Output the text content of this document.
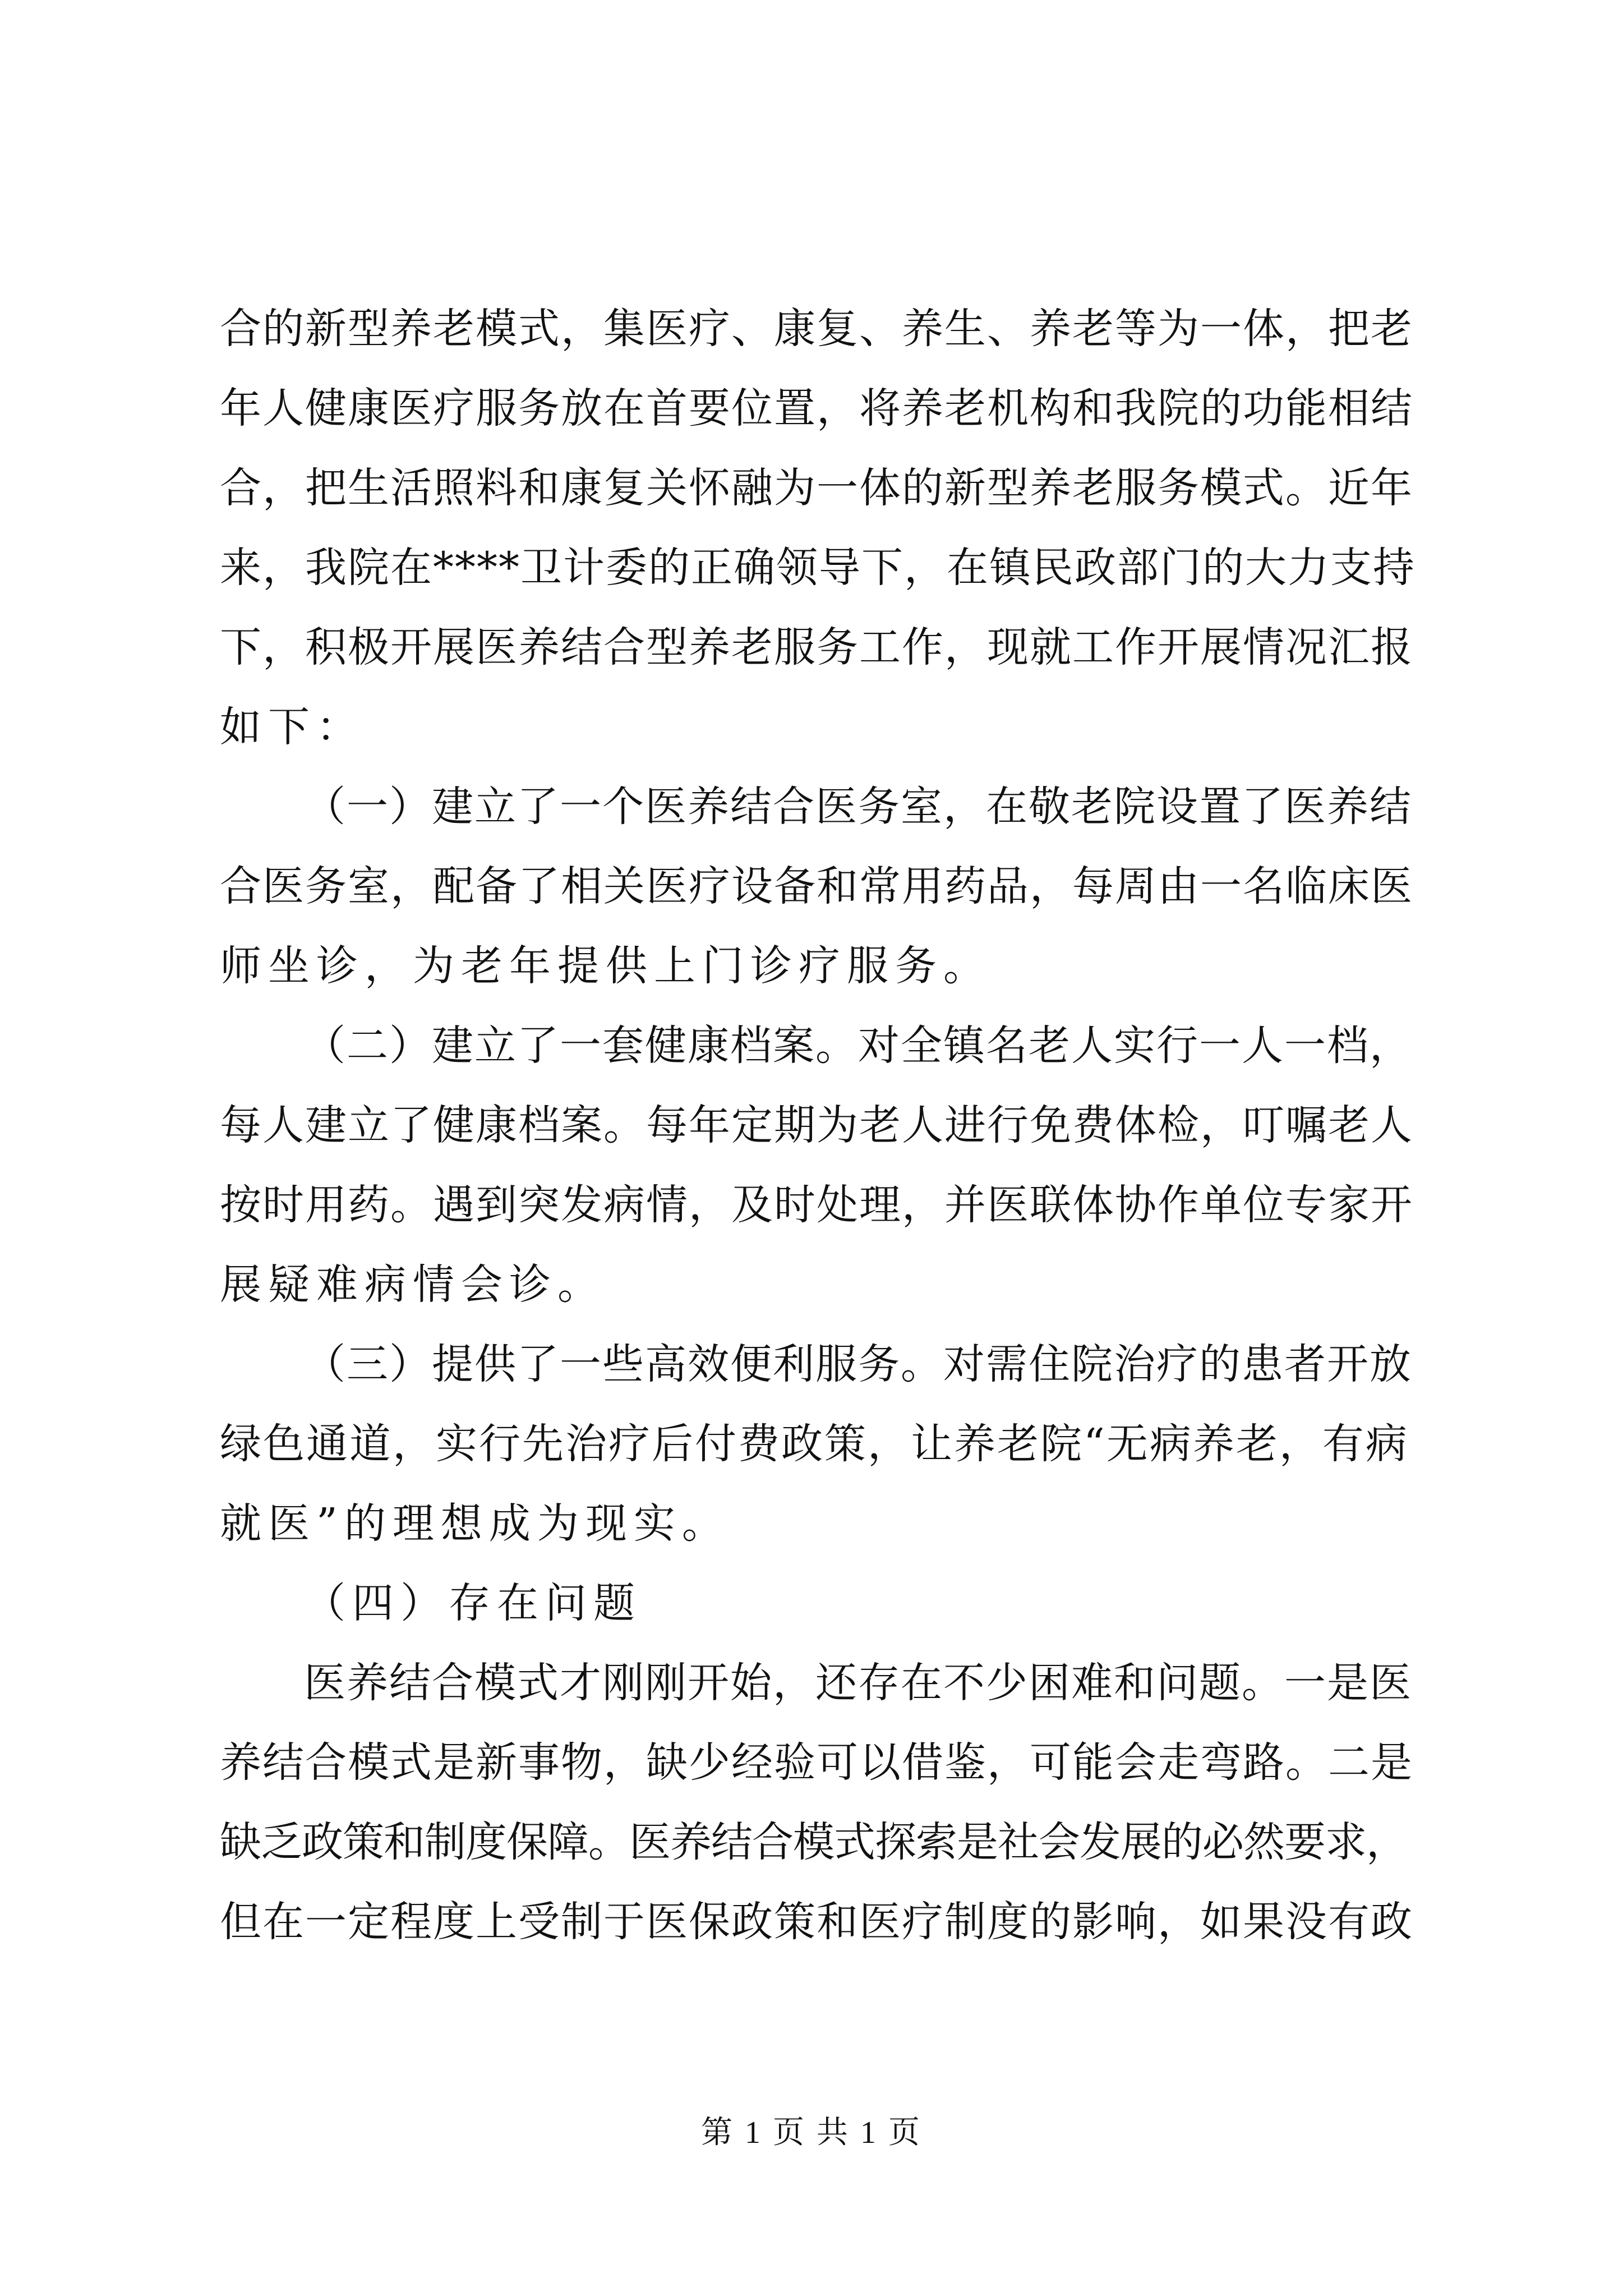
合的新型养老模式，集医疗、康复、养生、养老等为一体，把老
年人健康医疗服务放在首要位置，将养老机构和我院的功能相结
合，把生活照料和康复关怀融为一体的新型养老服务模式。近年
来，我院在****卫计委的正确领导下，在镇民政部门的大力支持
下，积极开展医养结合型养老服务工作，现就工作开展情况汇报
如下：
（一）建立了一个医养结合医务室，在敬老院设置了医养结
合医务室，配备了相关医疗设备和常用药品，每周由一名临床医
师坐诊，为老年提供上门诊疗服务。
（二）建立了一套健康档案。对全镇名老人实行一人一档，
每人建立了健康档案。每年定期为老人进行免费体检，叮嘱老人
按时用药。遇到突发病情，及时处理，并医联体协作单位专家开
展疑难病情会诊。
（三）提供了一些高效便利服务。对需住院治疗的患者开放
绿色通道，实行先治疗后付费政策，让养老院“无病养老，有病
就医”的理想成为现实。
（四）存在问题
医养结合模式才刚刚开始，还存在不少困难和问题。一是医
养结合模式是新事物，缺少经验可以借鉴，可能会走弯路。二是
缺乏政策和制度保障。医养结合模式探索是社会发展的必然要求，
但在一定程度上受制于医保政策和医疗制度的影响，如果没有政
第 1 页 共 1 页
